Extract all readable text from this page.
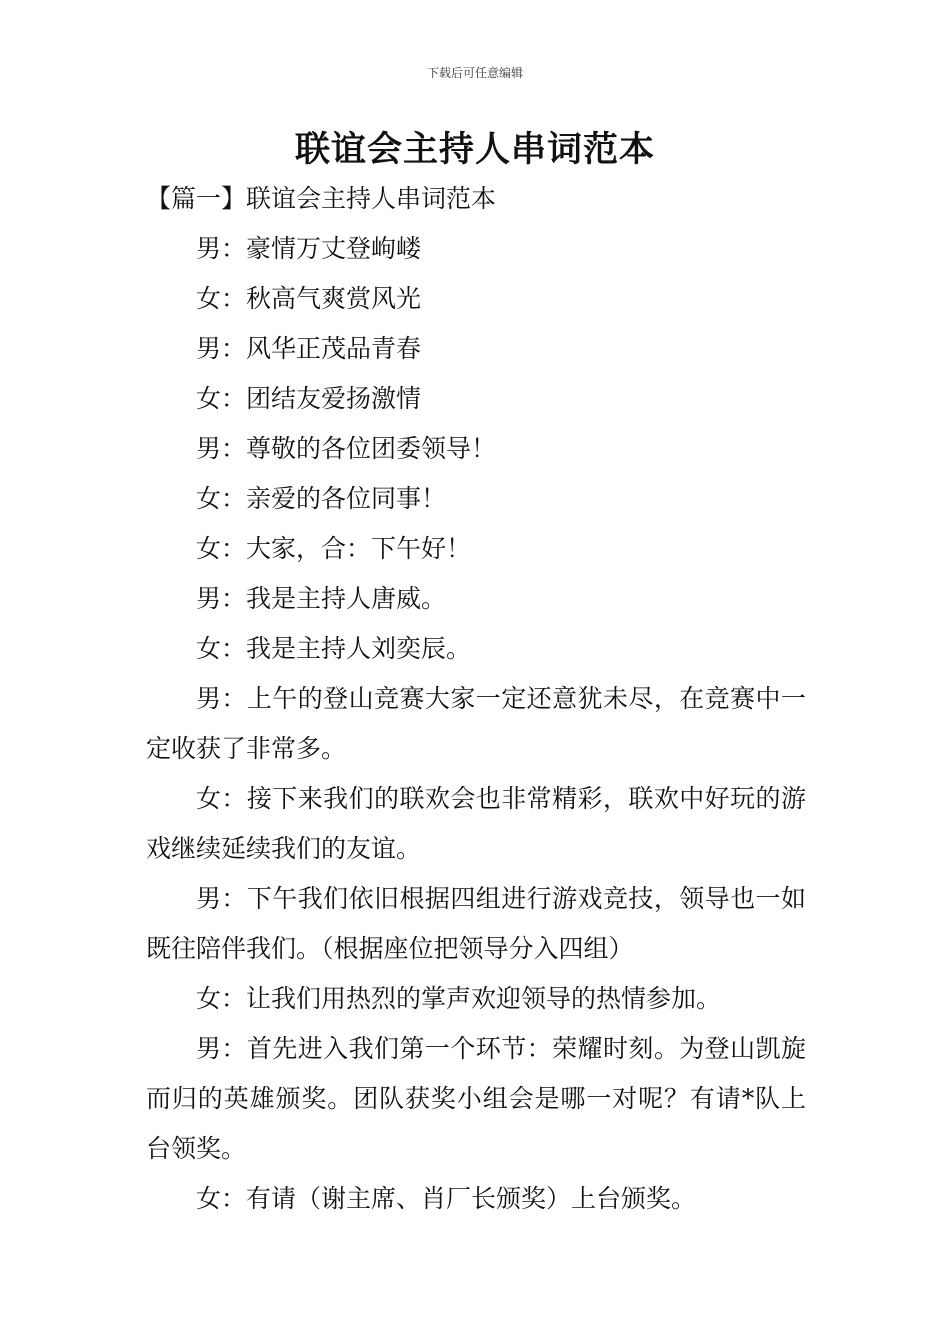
下载后可任意编辑
联谊会主持人串词范本

【篇一】联谊会主持人串词范本

男：豪情万丈登岣嵝

女：秋高气爽赏风光

男：风华正茂品青春

女：团结友爱扬激情

男：尊敬的各位团委领导！

女：亲爱的各位同事！

女：大家，合：下午好！

男：我是主持人唐威。

女：我是主持人刘奕辰。

男：上午的登山竞赛大家一定还意犹未尽，在竞赛中一定收获了非常多。

女：接下来我们的联欢会也非常精彩，联欢中好玩的游戏继续延续我们的友谊。

男：下午我们依旧根据四组进行游戏竞技，领导也一如既往陪伴我们。（根据座位把领导分入四组）

女：让我们用热烈的掌声欢迎领导的热情参加。

男：首先进入我们第一个环节：荣耀时刻。为登山凯旋而归的英雄颁奖。团队获奖小组会是哪一对呢？有请*队上台领奖。

女：有请（谢主席、肖厂长颁奖）上台颁奖。
